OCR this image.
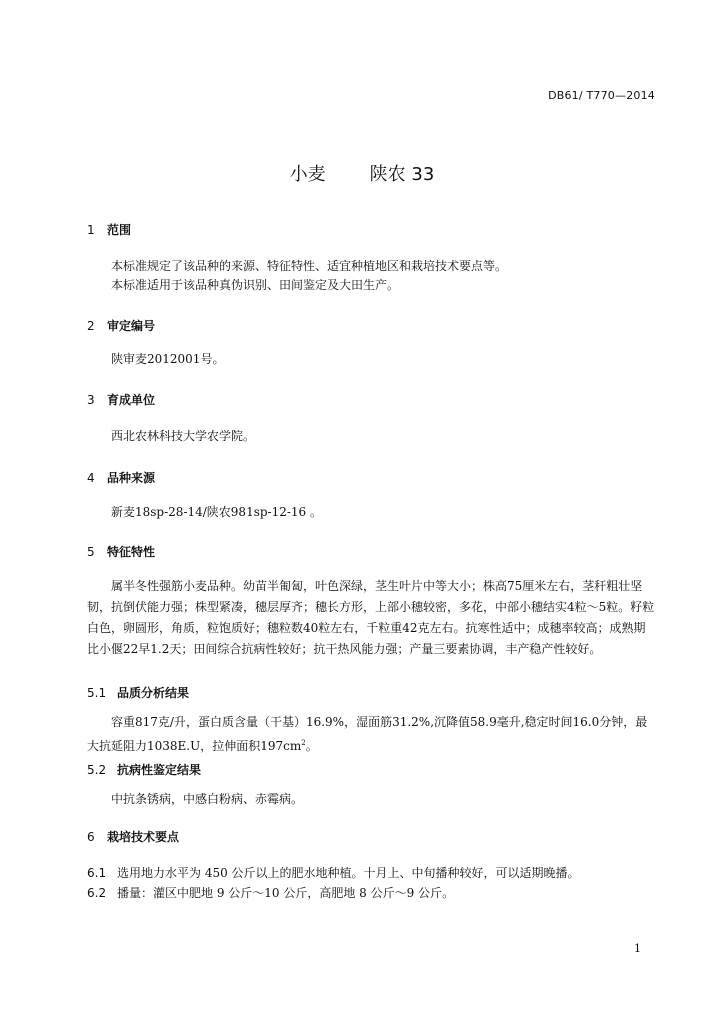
DB61/ T770—2014
小麦 陕农 33
1 范围
本标准规定了该品种的来源、特征特性、适宜种植地区和栽培技术要点等。
本标准适用于该品种真伪识别、田间鉴定及大田生产。
2 审定编号
陕审麦2012001号。
3 育成单位
西北农林科技大学农学院。
4 品种来源
新麦18sp-28-14/陕农981sp-12-16 。
5 特征特性
属半冬性强筋小麦品种。幼苗半匍匐，叶色深绿，茎生叶片中等大小；株高75厘米左右，茎秆粗壮坚韧，抗倒伏能力强；株型紧凑，穗层厚齐；穗长方形，上部小穗较密，多花，中部小穗结实4粒～5粒。籽粒白色，卵圆形，角质，粒饱质好；穗粒数40粒左右，千粒重42克左右。抗寒性适中；成穗率较高；成熟期比小偃22早1.2天；田间综合抗病性较好；抗干热风能力强；产量三要素协调，丰产稳产性较好。
5.1 品质分析结果
容重817克/升，蛋白质含量（干基）16.9%，湿面筋31.2%,沉降值58.9毫升,稳定时间16.0分钟，最大抗延阻力1038E.U，拉伸面积$197cm^2$。
5.2 抗病性鉴定结果
中抗条锈病，中感白粉病、赤霉病。
6 栽培技术要点
6.1 选用地力水平为 450 公斤以上的肥水地种植。十月上、中旬播种较好，可以适期晚播。
6.2 播量：灌区中肥地 9 公斤～10 公斤，高肥地 8 公斤～9 公斤。
1
